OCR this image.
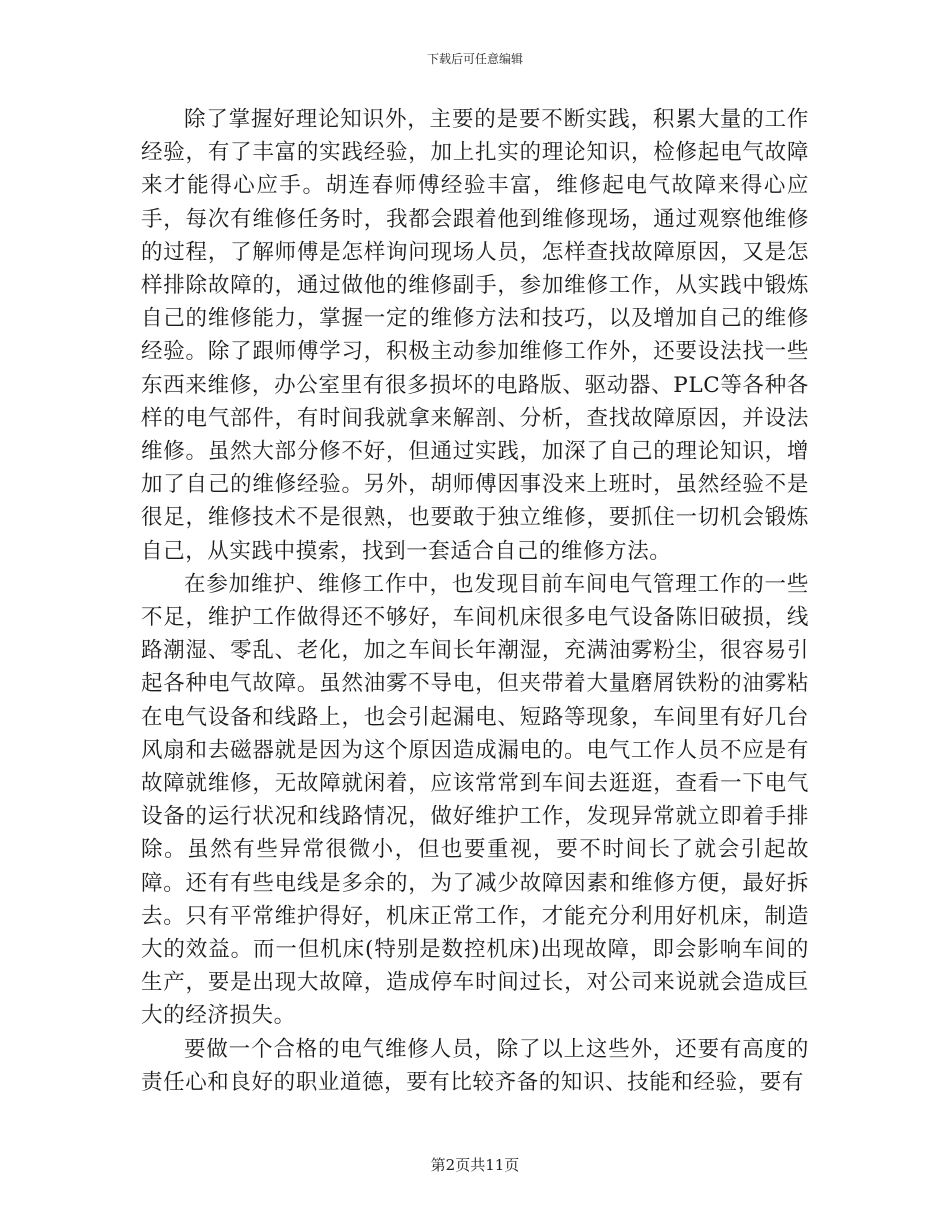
下载后可任意编辑

除了掌握好理论知识外，主要的是要不断实践，积累大量的工作经验，有了丰富的实践经验，加上扎实的理论知识，检修起电气故障来才能得心应手。胡连春师傅经验丰富，维修起电气故障来得心应手，每次有维修任务时，我都会跟着他到维修现场，通过观察他维修的过程，了解师傅是怎样询问现场人员，怎样查找故障原因，又是怎样排除故障的，通过做他的维修副手，参加维修工作，从实践中锻炼自己的维修能力，掌握一定的维修方法和技巧，以及增加自己的维修经验。除了跟师傅学习，积极主动参加维修工作外，还要设法找一些东西来维修，办公室里有很多损坏的电路版、驱动器、PLC等各种各样的电气部件，有时间我就拿来解剖、分析，查找故障原因，并设法维修。虽然大部分修不好，但通过实践，加深了自己的理论知识，增加了自己的维修经验。另外，胡师傅因事没来上班时，虽然经验不是很足，维修技术不是很熟，也要敢于独立维修，要抓住一切机会锻炼自己，从实践中摸索，找到一套适合自己的维修方法。

在参加维护、维修工作中，也发现目前车间电气管理工作的一些不足，维护工作做得还不够好，车间机床很多电气设备陈旧破损，线路潮湿、零乱、老化，加之车间长年潮湿，充满油雾粉尘，很容易引起各种电气故障。虽然油雾不导电，但夹带着大量磨屑铁粉的油雾粘在电气设备和线路上，也会引起漏电、短路等现象，车间里有好几台风扇和去磁器就是因为这个原因造成漏电的。电气工作人员不应是有故障就维修，无故障就闲着，应该常常到车间去逛逛，查看一下电气设备的运行状况和线路情况，做好维护工作，发现异常就立即着手排除。虽然有些异常很微小，但也要重视，要不时间长了就会引起故障。还有有些电线是多余的，为了减少故障因素和维修方便，最好拆去。只有平常维护得好，机床正常工作，才能充分利用好机床，制造大的效益。而一但机床(特别是数控机床)出现故障，即会影响车间的生产，要是出现大故障，造成停车时间过长，对公司来说就会造成巨大的经济损失。

要做一个合格的电气维修人员，除了以上这些外，还要有高度的责任心和良好的职业道德，要有比较齐备的知识、技能和经验，要有

第2页共11页
